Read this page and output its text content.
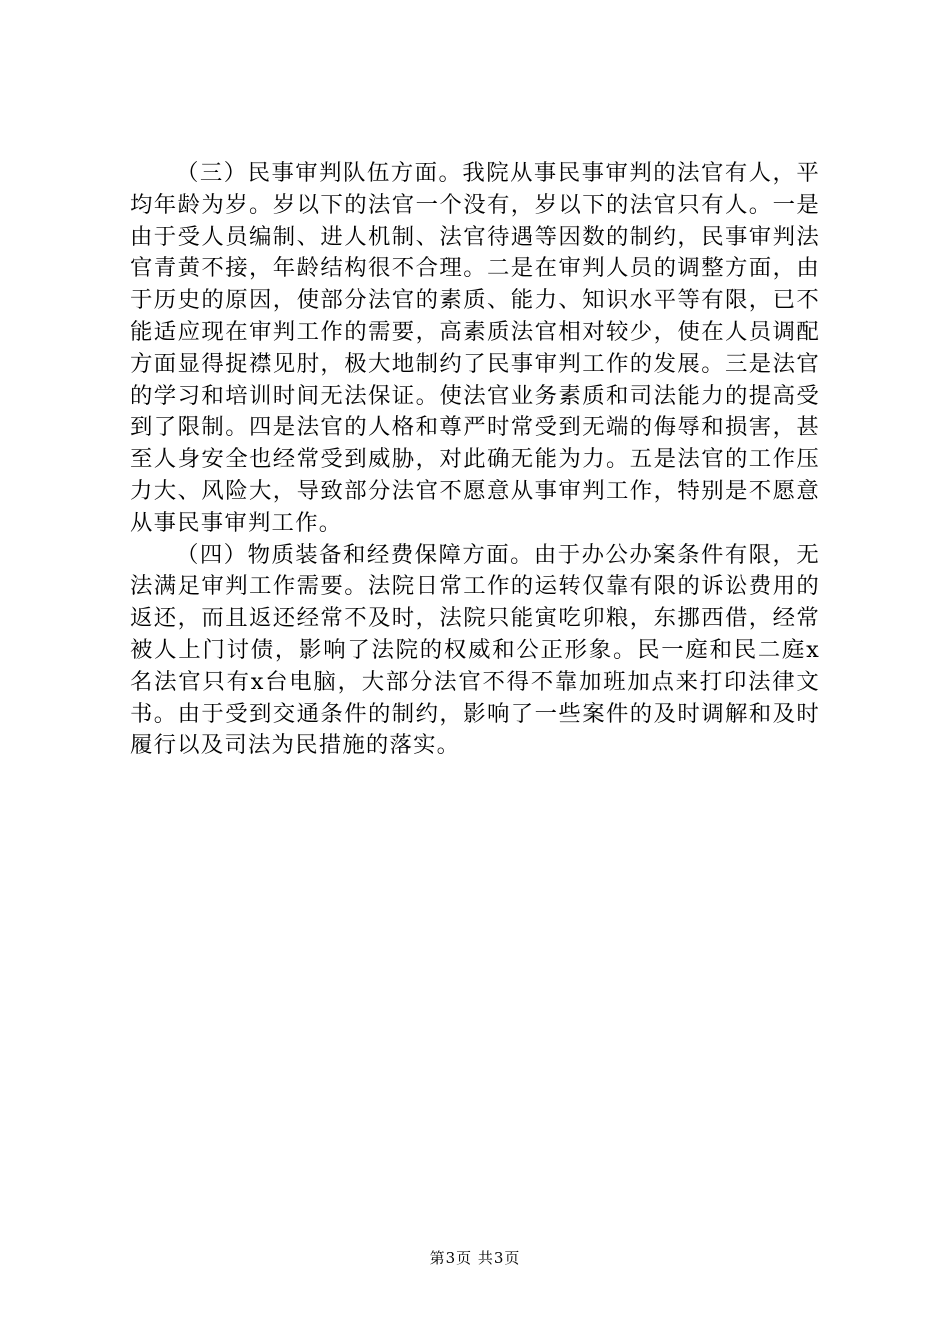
（三）民事审判队伍方面。我院从事民事审判的法官有人，平均年龄为岁。岁以下的法官一个没有，岁以下的法官只有人。一是由于受人员编制、进人机制、法官待遇等因数的制约，民事审判法官青黄不接，年龄结构很不合理。二是在审判人员的调整方面，由于历史的原因，使部分法官的素质、能力、知识水平等有限，已不能适应现在审判工作的需要，高素质法官相对较少，使在人员调配方面显得捉襟见肘，极大地制约了民事审判工作的发展。三是法官的学习和培训时间无法保证。使法官业务素质和司法能力的提高受到了限制。四是法官的人格和尊严时常受到无端的侮辱和损害，甚至人身安全也经常受到威胁，对此确无能为力。五是法官的工作压力大、风险大，导致部分法官不愿意从事审判工作，特别是不愿意从事民事审判工作。

（四）物质装备和经费保障方面。由于办公办案条件有限，无法满足审判工作需要。法院日常工作的运转仅靠有限的诉讼费用的返还，而且返还经常不及时，法院只能寅吃卯粮，东挪西借，经常被人上门讨债，影响了法院的权威和公正形象。民一庭和民二庭x名法官只有x台电脑，大部分法官不得不靠加班加点来打印法律文书。由于受到交通条件的制约，影响了一些案件的及时调解和及时履行以及司法为民措施的落实。

第3页 共3页
